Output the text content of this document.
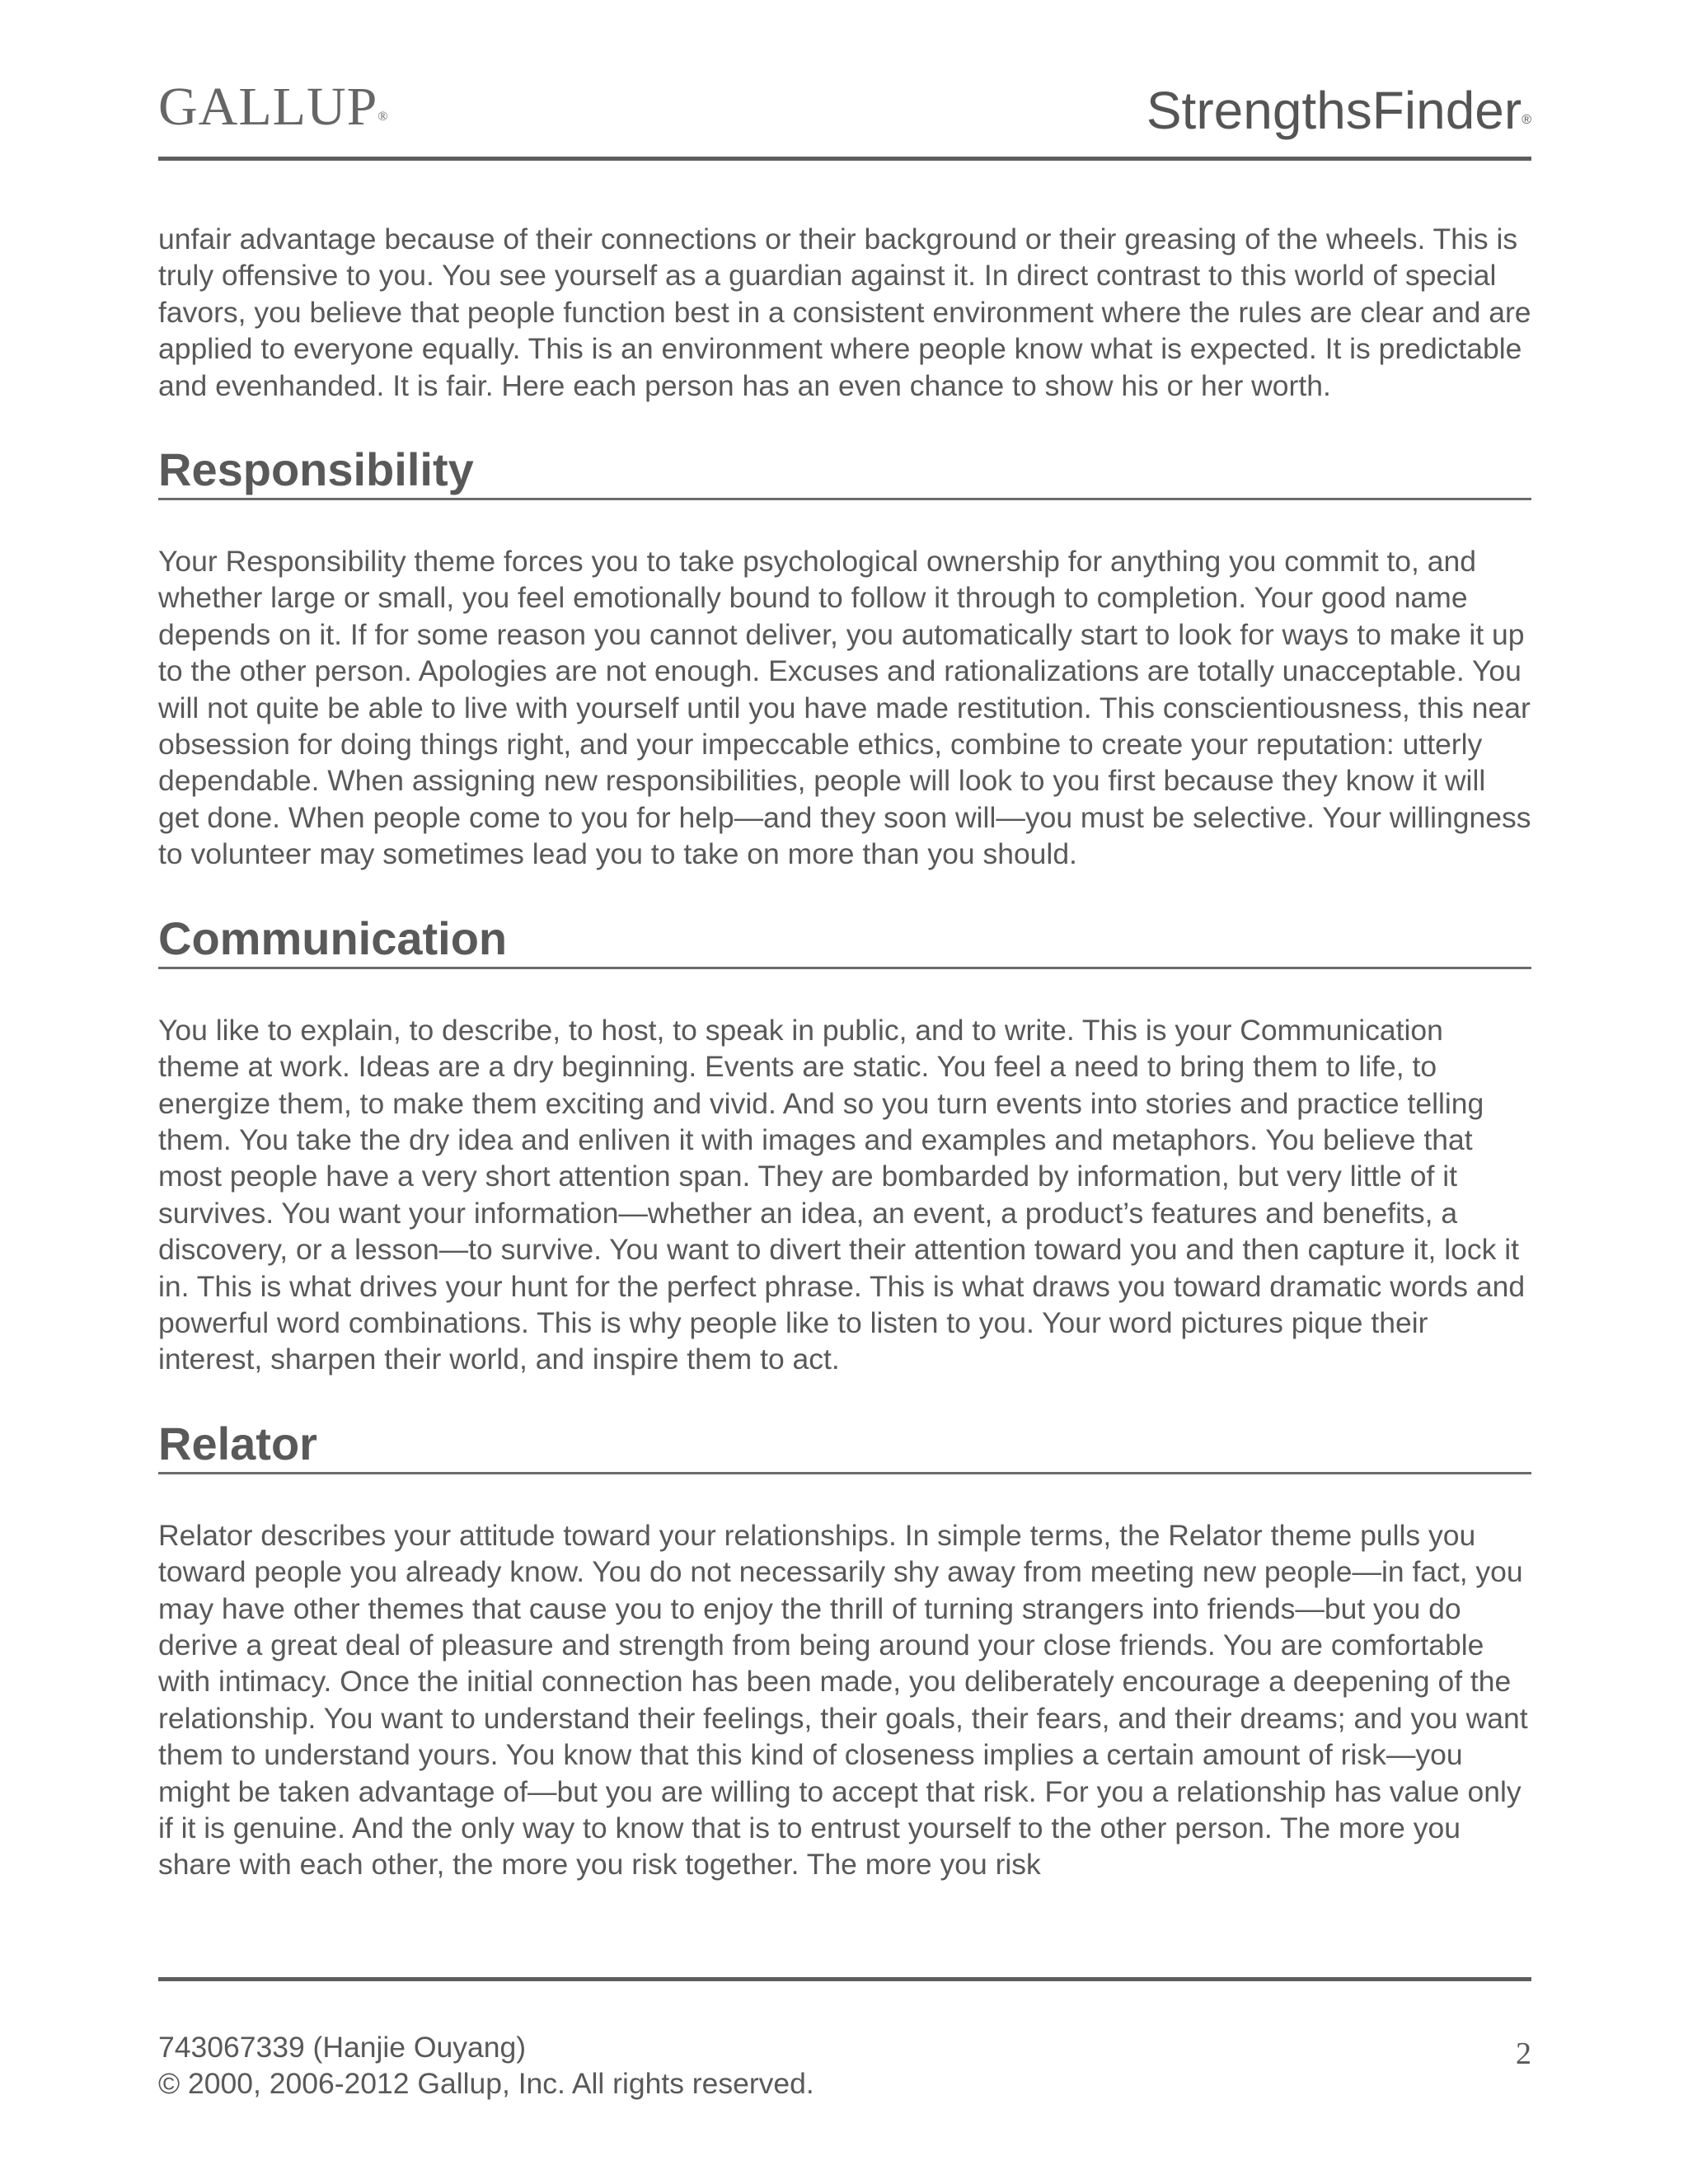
GALLUP®	StrengthsFinder®

unfair advantage because of their connections or their background or their greasing of the wheels. This is truly offensive to you. You see yourself as a guardian against it. In direct contrast to this world of special favors, you believe that people function best in a consistent environment where the rules are clear and are applied to everyone equally. This is an environment where people know what is expected. It is predictable and evenhanded. It is fair. Here each person has an even chance to show his or her worth.

Responsibility

Your Responsibility theme forces you to take psychological ownership for anything you commit to, and whether large or small, you feel emotionally bound to follow it through to completion. Your good name depends on it. If for some reason you cannot deliver, you automatically start to look for ways to make it up to the other person. Apologies are not enough. Excuses and rationalizations are totally unacceptable. You will not quite be able to live with yourself until you have made restitution. This conscientiousness, this near obsession for doing things right, and your impeccable ethics, combine to create your reputation: utterly dependable. When assigning new responsibilities, people will look to you first because they know it will get done. When people come to you for help—and they soon will—you must be selective. Your willingness to volunteer may sometimes lead you to take on more than you should.

Communication

You like to explain, to describe, to host, to speak in public, and to write. This is your Communication theme at work. Ideas are a dry beginning. Events are static. You feel a need to bring them to life, to energize them, to make them exciting and vivid. And so you turn events into stories and practice telling them. You take the dry idea and enliven it with images and examples and metaphors. You believe that most people have a very short attention span. They are bombarded by information, but very little of it survives. You want your information—whether an idea, an event, a product’s features and benefits, a discovery, or a lesson—to survive. You want to divert their attention toward you and then capture it, lock it in. This is what drives your hunt for the perfect phrase. This is what draws you toward dramatic words and powerful word combinations. This is why people like to listen to you. Your word pictures pique their interest, sharpen their world, and inspire them to act.

Relator

Relator describes your attitude toward your relationships. In simple terms, the Relator theme pulls you toward people you already know. You do not necessarily shy away from meeting new people—in fact, you may have other themes that cause you to enjoy the thrill of turning strangers into friends—but you do derive a great deal of pleasure and strength from being around your close friends. You are comfortable with intimacy. Once the initial connection has been made, you deliberately encourage a deepening of the relationship. You want to understand their feelings, their goals, their fears, and their dreams; and you want them to understand yours. You know that this kind of closeness implies a certain amount of risk—you might be taken advantage of—but you are willing to accept that risk. For you a relationship has value only if it is genuine. And the only way to know that is to entrust yourself to the other person. The more you share with each other, the more you risk together. The more you risk

743067339 (Hanjie Ouyang)
© 2000, 2006-2012 Gallup, Inc. All rights reserved.
2
